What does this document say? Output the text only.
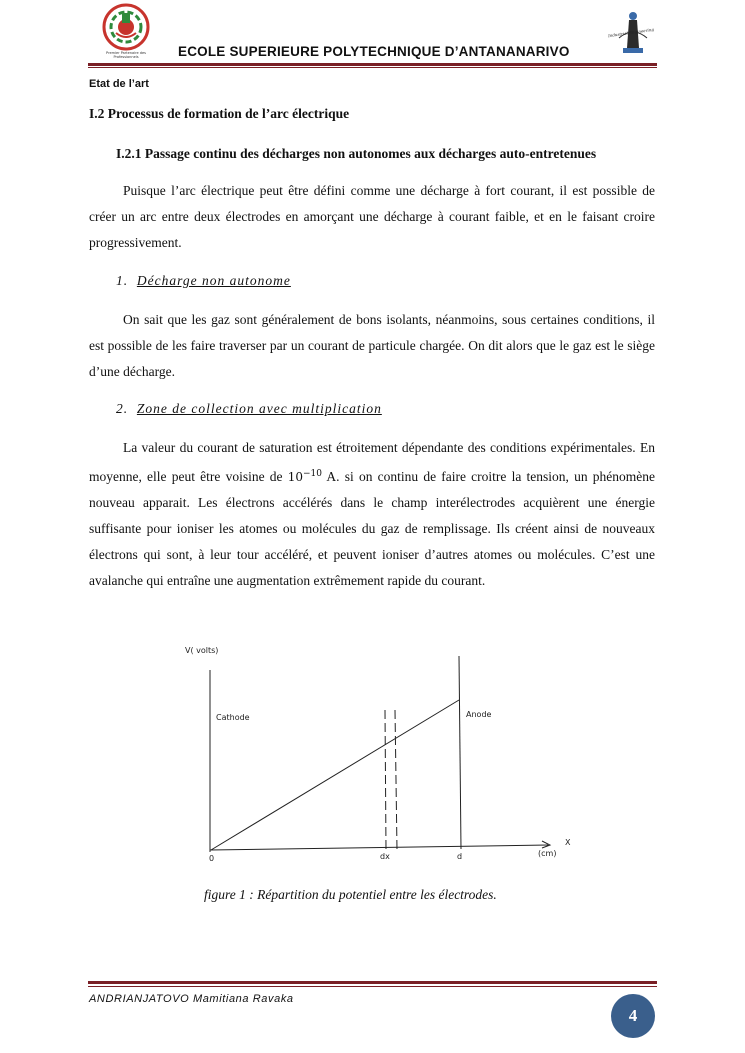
Premier Partenaire des Professionnels
Industrial Engineering
ECOLE SUPERIEURE POLYTECHNIQUE D’ANTANANARIVO
Etat de l’art
I.2 Processus de formation de l’arc électrique
I.2.1 Passage continu des décharges non autonomes aux décharges auto-entretenues
Puisque l’arc électrique peut être défini comme une décharge à fort courant, il est possible de créer un arc entre deux électrodes en amorçant une décharge à courant faible, et en le faisant croire progressivement.
1. Décharge non autonome
On sait que les gaz sont généralement de bons isolants, néanmoins, sous certaines conditions, il est possible de les faire traverser par un courant de particule chargée. On dit alors que le gaz est le siège d’une décharge.
2. Zone de collection avec multiplication
La valeur du courant de saturation est étroitement dépendante des conditions expérimentales. En moyenne, elle peut être voisine de $10^{-10}$ A. si on continu de faire croitre la tension, un phénomène nouveau apparait. Les électrons accélérés dans le champ interélectrodes acquièrent une énergie suffisante pour ioniser les atomes ou molécules du gaz de remplissage. Ils créent ainsi de nouveaux électrons qui sont, à leur tour accéléré, et peuvent ioniser d’autres atomes ou molécules. C’est une avalanche qui entraîne une augmentation extrêmement rapide du courant.
V( volts)
Cathode	Anode
0	dx	d	(cm)
X
figure 1 : Répartition du potentiel entre les électrodes.
ANDRIANJATOVO Mamitiana Ravaka
4
